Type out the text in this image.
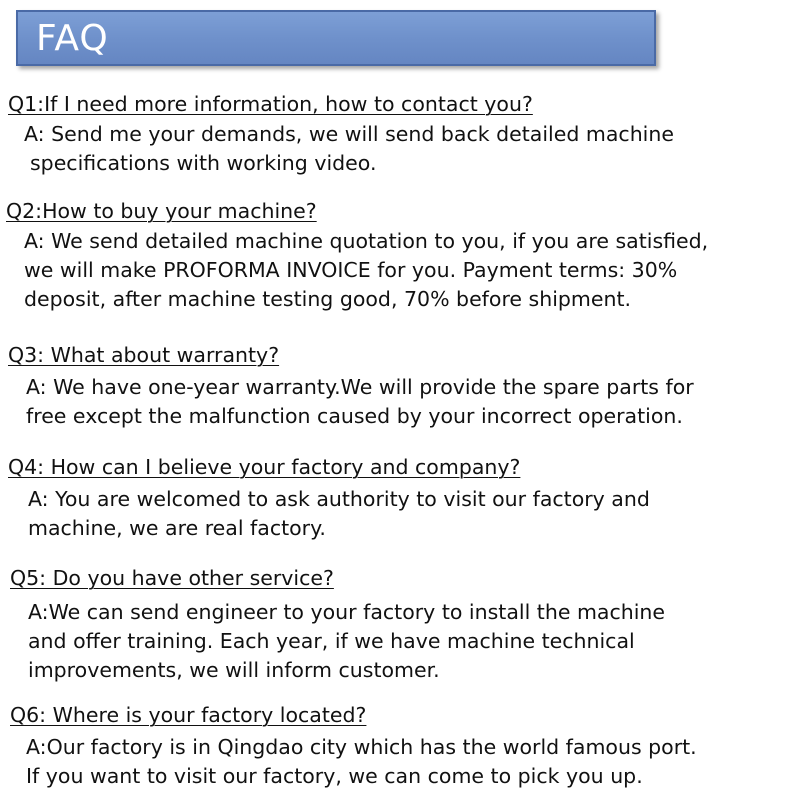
FAQ
Q1:If I need more information, how to contact you?
A: Send me your demands, we will send back detailed machine
specifications with working video.
Q2:How to buy your machine?
A: We send detailed machine quotation to you, if you are satisfied,
we will make PROFORMA INVOICE for you. Payment terms: 30%
deposit, after machine testing good, 70% before shipment.
Q3: What about warranty?
A: We have one-year warranty.We will provide the spare parts for
free except the malfunction caused by your incorrect operation.
Q4: How can I believe your factory and company?
A: You are welcomed to ask authority to visit our factory and
machine, we are real factory.
Q5: Do you have other service?
A:We can send engineer to your factory to install the machine
and offer training. Each year, if we have machine technical
improvements, we will inform customer.
Q6: Where is your factory located?
A:Our factory is in Qingdao city which has the world famous port.
If you want to visit our factory, we can come to pick you up.
